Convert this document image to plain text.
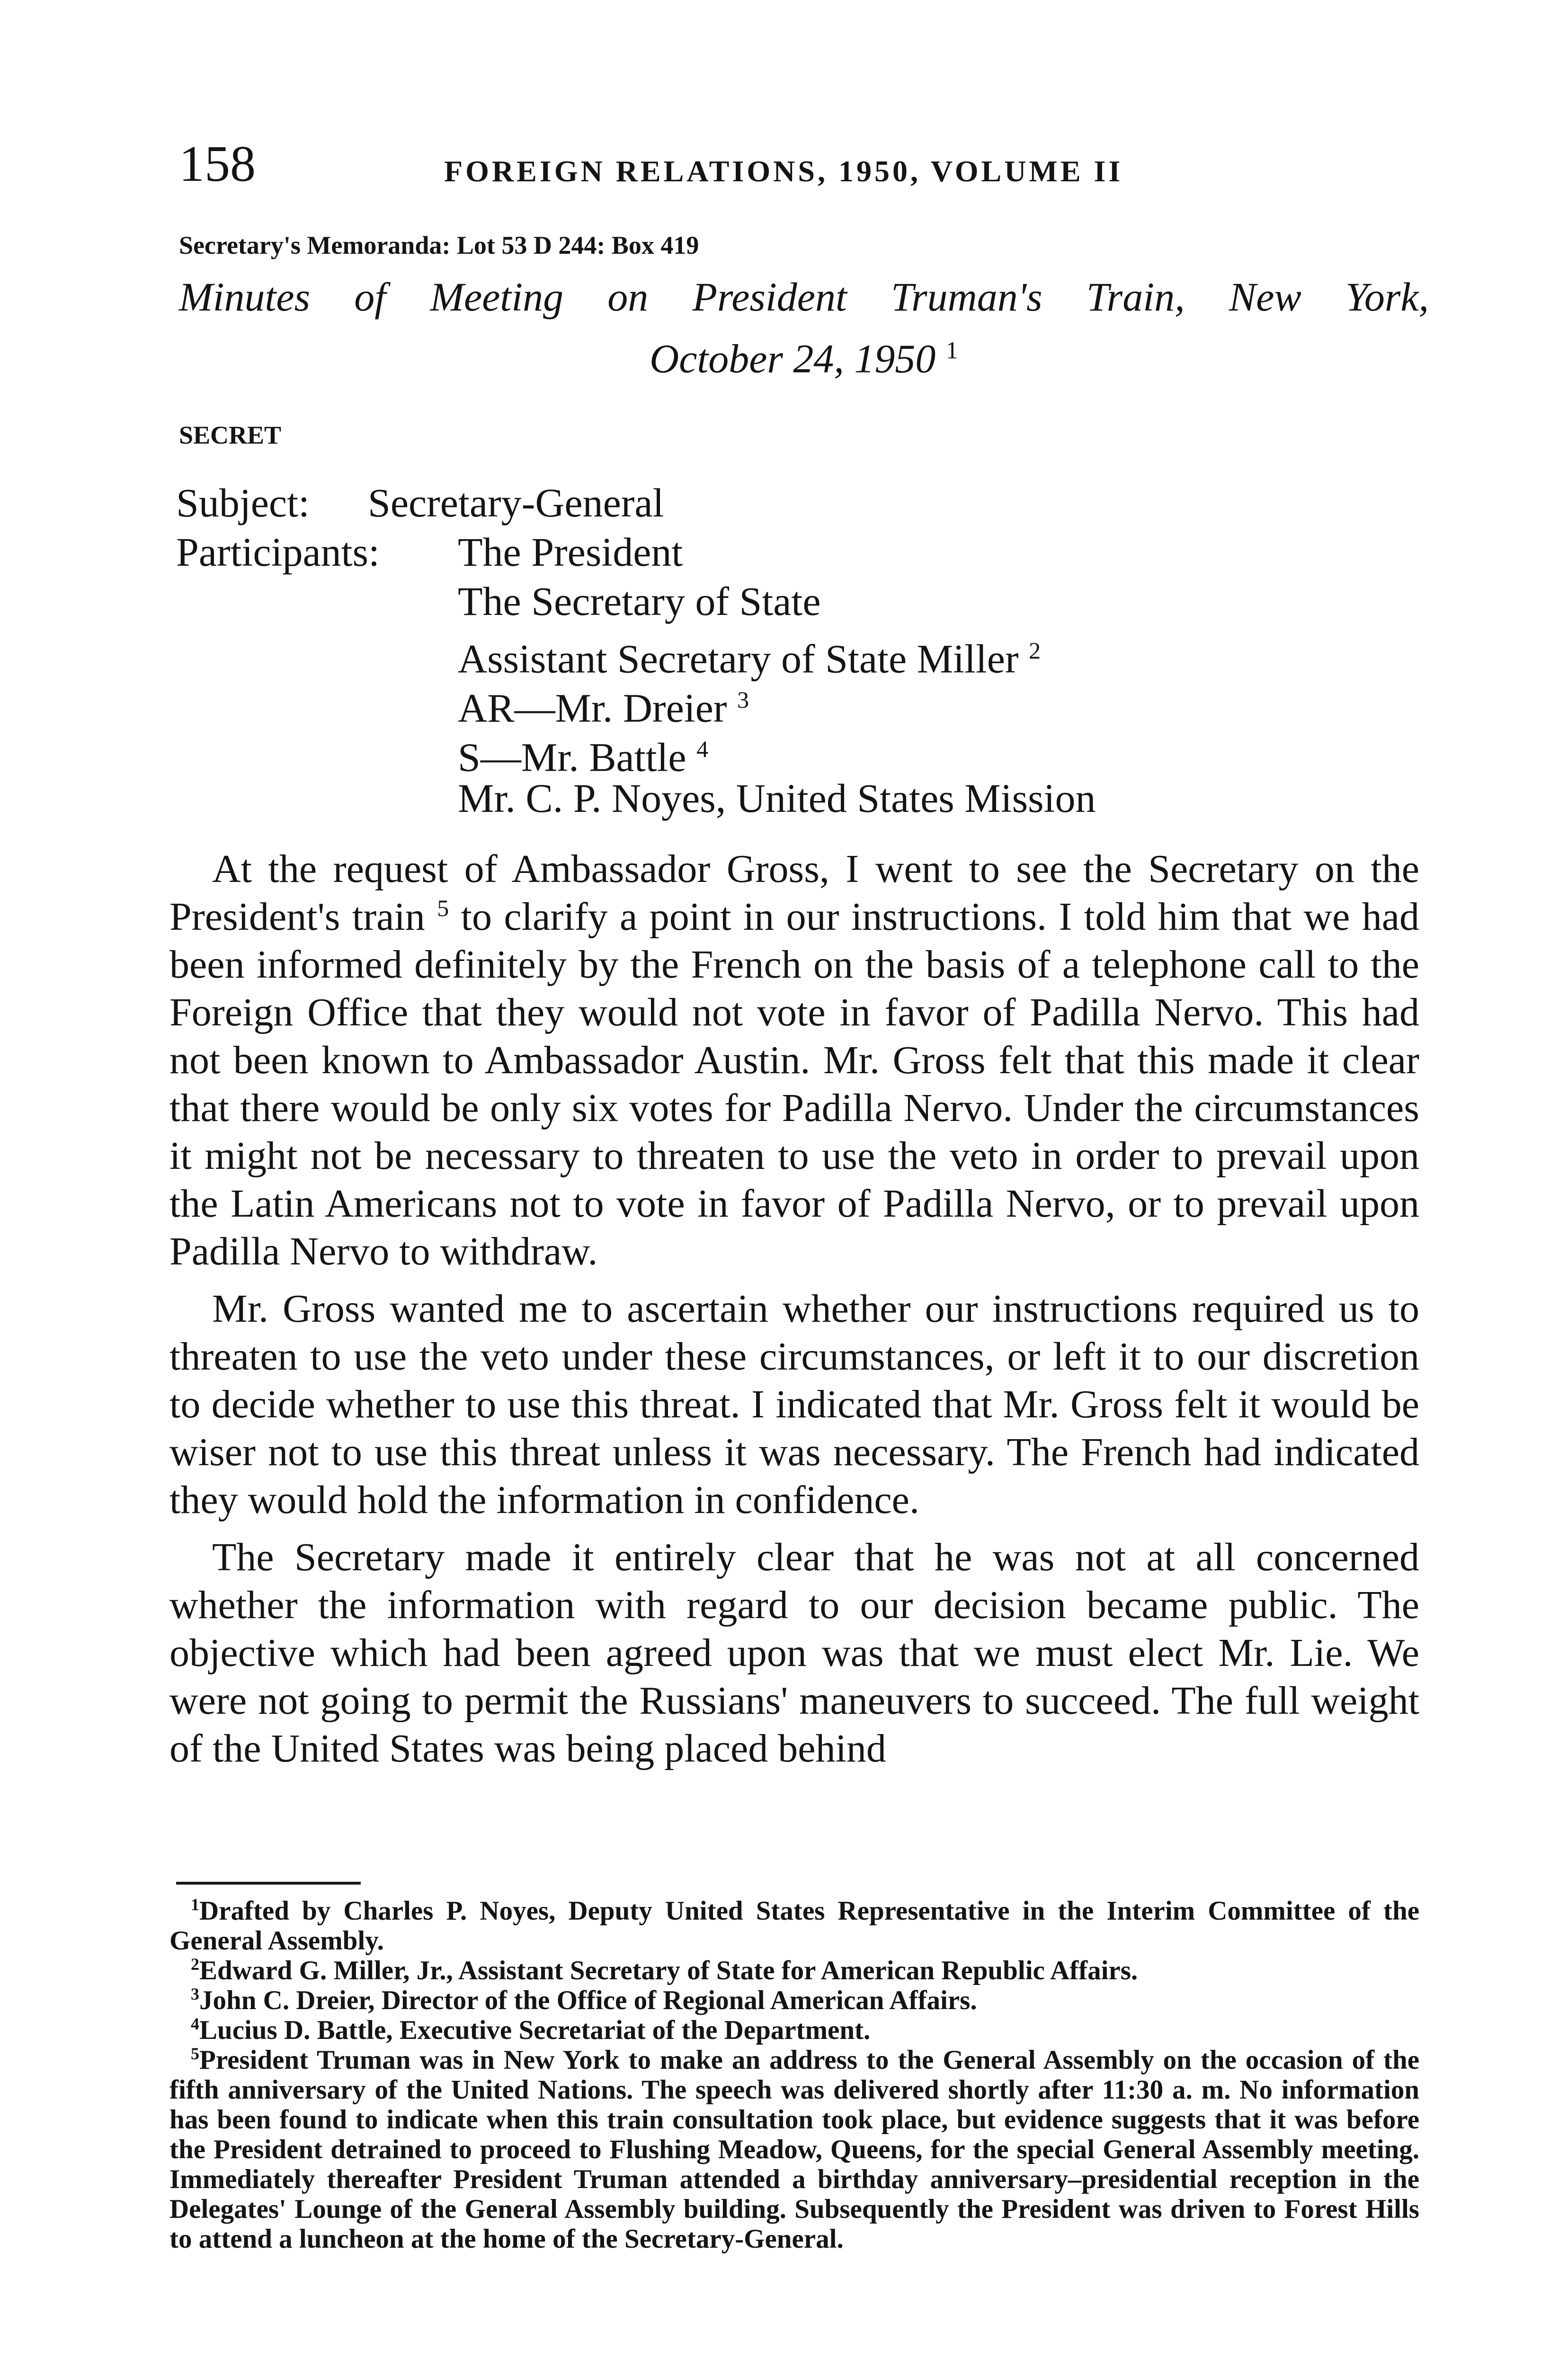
158	FOREIGN RELATIONS, 1950, VOLUME II
Secretary's Memoranda: Lot 53 D 244: Box 419
Minutes of Meeting on President Truman's Train, New York,
October 24, 1950 $^1$
SECRET
Subject: Secretary-General
Participants: The President
The Secretary of State
Assistant Secretary of State Miller $^2$
AR—Mr. Dreier $^3$
S—Mr. Battle $^4$
Mr. C. P. Noyes, United States Mission

At the request of Ambassador Gross, I went to see the Secretary on the President's train $^5$ to clarify a point in our instructions. I told him that we had been informed definitely by the French on the basis of a telephone call to the Foreign Office that they would not vote in favor of Padilla Nervo. This had not been known to Ambassador Austin. Mr. Gross felt that this made it clear that there would be only six votes for Padilla Nervo. Under the circumstances it might not be necessary to threaten to use the veto in order to prevail upon the Latin Americans not to vote in favor of Padilla Nervo, or to prevail upon Padilla Nervo to withdraw.

Mr. Gross wanted me to ascertain whether our instructions required us to threaten to use the veto under these circumstances, or left it to our discretion to decide whether to use this threat. I indicated that Mr. Gross felt it would be wiser not to use this threat unless it was necessary. The French had indicated they would hold the information in confidence.

The Secretary made it entirely clear that he was not at all concerned whether the information with regard to our decision became public. The objective which had been agreed upon was that we must elect Mr. Lie. We were not going to permit the Russians' maneuvers to succeed. The full weight of the United States was being placed behind

$^1$Drafted by Charles P. Noyes, Deputy United States Representative in the Interim Committee of the General Assembly.

$^2$Edward G. Miller, Jr., Assistant Secretary of State for American Republic Affairs.

$^3$John C. Dreier, Director of the Office of Regional American Affairs.

$^4$Lucius D. Battle, Executive Secretariat of the Department.

$^5$President Truman was in New York to make an address to the General Assembly on the occasion of the fifth anniversary of the United Nations. The speech was delivered shortly after 11:30 a. m. No information has been found to indicate when this train consultation took place, but evidence suggests that it was before the President detrained to proceed to Flushing Meadow, Queens, for the special General Assembly meeting. Immediately thereafter President Truman attended a birthday anniversary–presidential reception in the Delegates' Lounge of the General Assembly building. Subsequently the President was driven to Forest Hills to attend a luncheon at the home of the Secretary-General.
